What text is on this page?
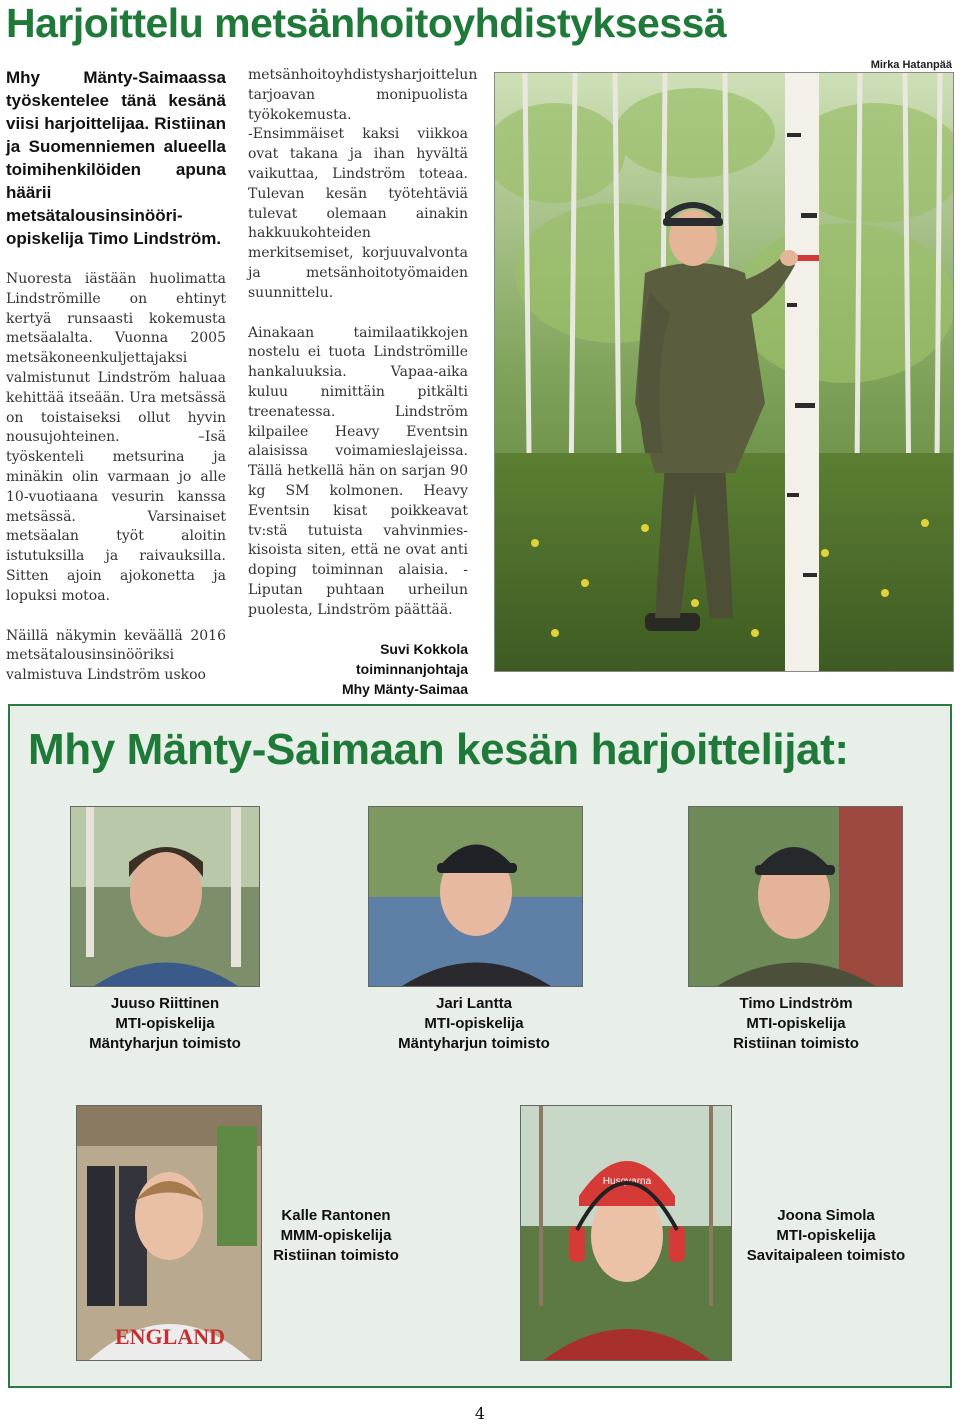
Harjoittelu metsänhoitoyhdistyksessä

Mhy Mänty-Saimaassa työskentelee tänä kesänä viisi harjoittelijaa. Ristiinan ja Suomenniemen alueella toimihenkilöiden apuna häärii metsätalousinsinööri-opiskelija Timo Lindström.

Nuoresta iästään huolimatta Lindströmille on ehtinyt kertyä runsaasti kokemusta metsäalalta. Vuonna 2005 metsäkoneenkuljettajaksi valmistunut Lindström haluaa kehittää itseään. Ura metsässä on toistaiseksi ollut hyvin nousujohteinen. –Isä työskenteli metsurina ja minäkin olin varmaan jo alle 10-vuotiaana vesurin kanssa metsässä. Varsinaiset metsäalan työt aloitin istutuksilla ja raivauksilla. Sitten ajoin ajokonetta ja lopuksi motoa.

Näillä näkymin keväällä 2016 metsätalousinsinööriksi valmistuva Lindström uskoo

metsänhoitoyhdistysharjoittelun tarjoavan monipuolista työkokemusta.

-Ensimmäiset kaksi viikkoa ovat takana ja ihan hyvältä vaikuttaa, Lindström toteaa. Tulevan kesän työtehtäviä tulevat olemaan ainakin hakkuukohteiden merkitsemiset, korjuuvalvonta ja metsänhoitotyömaiden suunnittelu.

Ainakaan taimilaatikkojen nostelu ei tuota Lindströmille hankaluuksia. Vapaa-aika kuluu nimittäin pitkälti treenatessa. Lindström kilpailee Heavy Eventsin alaisissa voimamieslajeissa. Tällä hetkellä hän on sarjan 90 kg SM kolmonen. Heavy Eventsin kisat poikkeavat tv:stä tutuista vahvinmies-kisoista siten, että ne ovat anti doping toiminnan alaisia. -Liputan puhtaan urheilun puolesta, Lindström päättää.

Suvi Kokkola
toiminnanjohtaja
Mhy Mänty-Saimaa
Mirka Hatanpää
Mhy Mänty-Saimaan kesän harjoittelijat:
Juuso Riittinen
MTI-opiskelija
Mäntyharjun toimisto
Jari Lantta
MTI-opiskelija
Mäntyharjun toimisto
Timo Lindström
MTI-opiskelija
Ristiinan toimisto
ENGLAND
Kalle Rantonen
MMM-opiskelija
Ristiinan toimisto
Husqvarna
Joona Simola
MTI-opiskelija
Savitaipaleen toimisto
4
